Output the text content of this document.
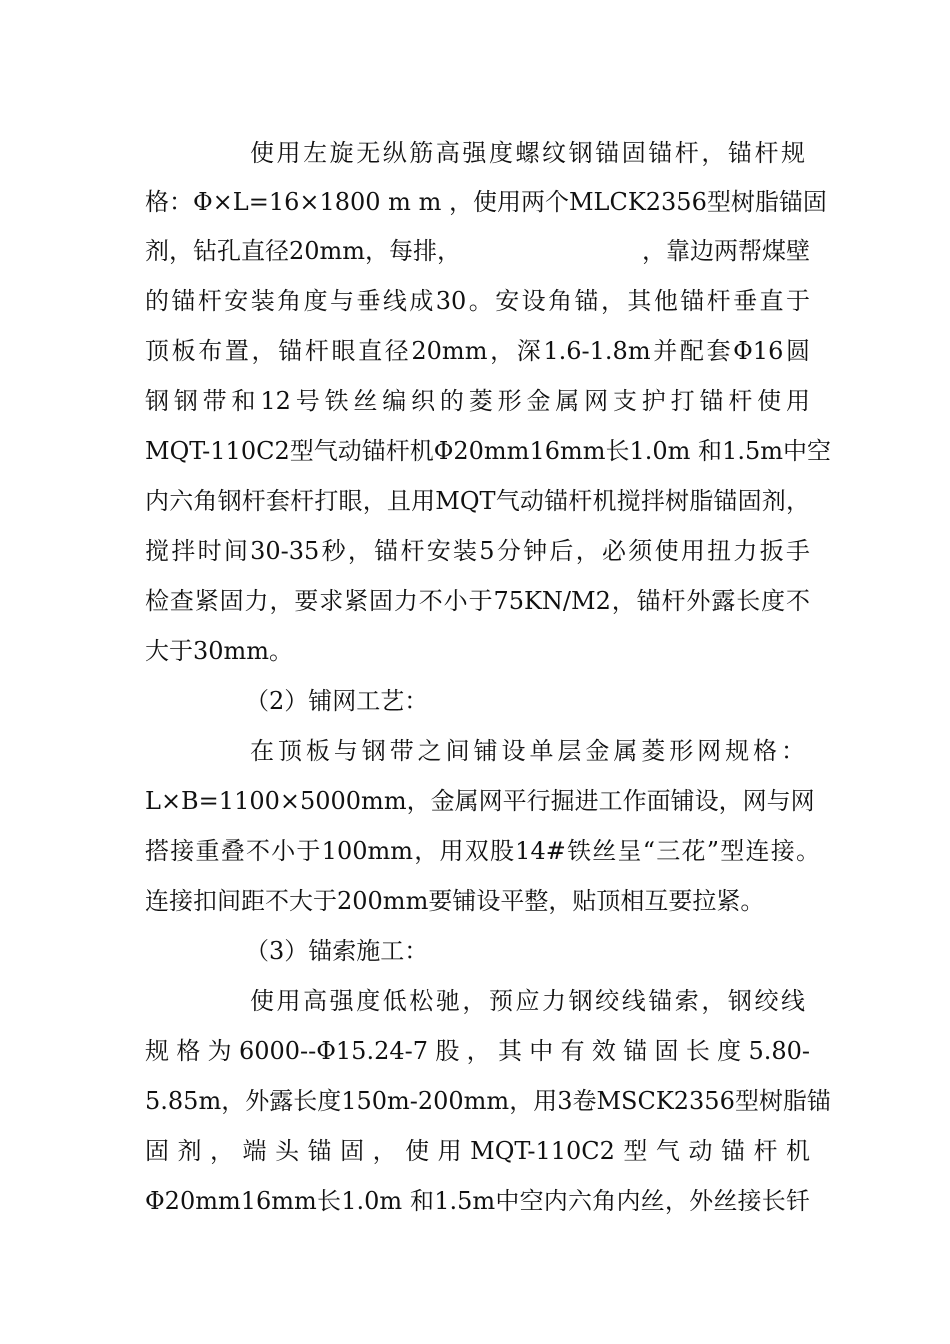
使用左旋无纵筋高强度螺纹钢锚固锚杆，锚杆规
格：Φ×L=16×1800 m m ，使用两个MLCK2356型树脂锚固
剂，钻孔直径20mm，每排，	，靠边两帮煤壁
的锚杆安装角度与垂线成30。安设角锚，其他锚杆垂直于
顶板布置，锚杆眼直径20mm，深1.6-1.8m并配套Φ16圆
钢钢带和12号铁丝编织的菱形金属网支护打锚杆使用
MQT-110C2型气动锚杆机Φ20mm16mm长1.0m 和1.5m中空
内六角钢杆套杆打眼，且用MQT气动锚杆机搅拌树脂锚固剂，
搅拌时间30-35秒，锚杆安装5分钟后，必须使用扭力扳手
检查紧固力，要求紧固力不小于75KN/M2，锚杆外露长度不
大于30mm。
（2）铺网工艺：
在顶板与钢带之间铺设单层金属菱形网规格：
L×B=1100×5000mm，金属网平行掘进工作面铺设，网与网
搭接重叠不小于100mm，用双股14#铁丝呈“三花”型连接。
连接扣间距不大于200mm要铺设平整，贴顶相互要拉紧。
（3）锚索施工：
使用高强度低松驰，预应力钢绞线锚索，钢绞线
规格为6000--Φ15.24-7股，其中有效锚固长度5.80-
5.85m，外露长度150m-200mm，用3卷MSCK2356型树脂锚
固剂，端头锚固，使用MQT-110C2型气动锚杆机
Φ20mm16mm长1.0m 和1.5m中空内六角内丝，外丝接长钎
